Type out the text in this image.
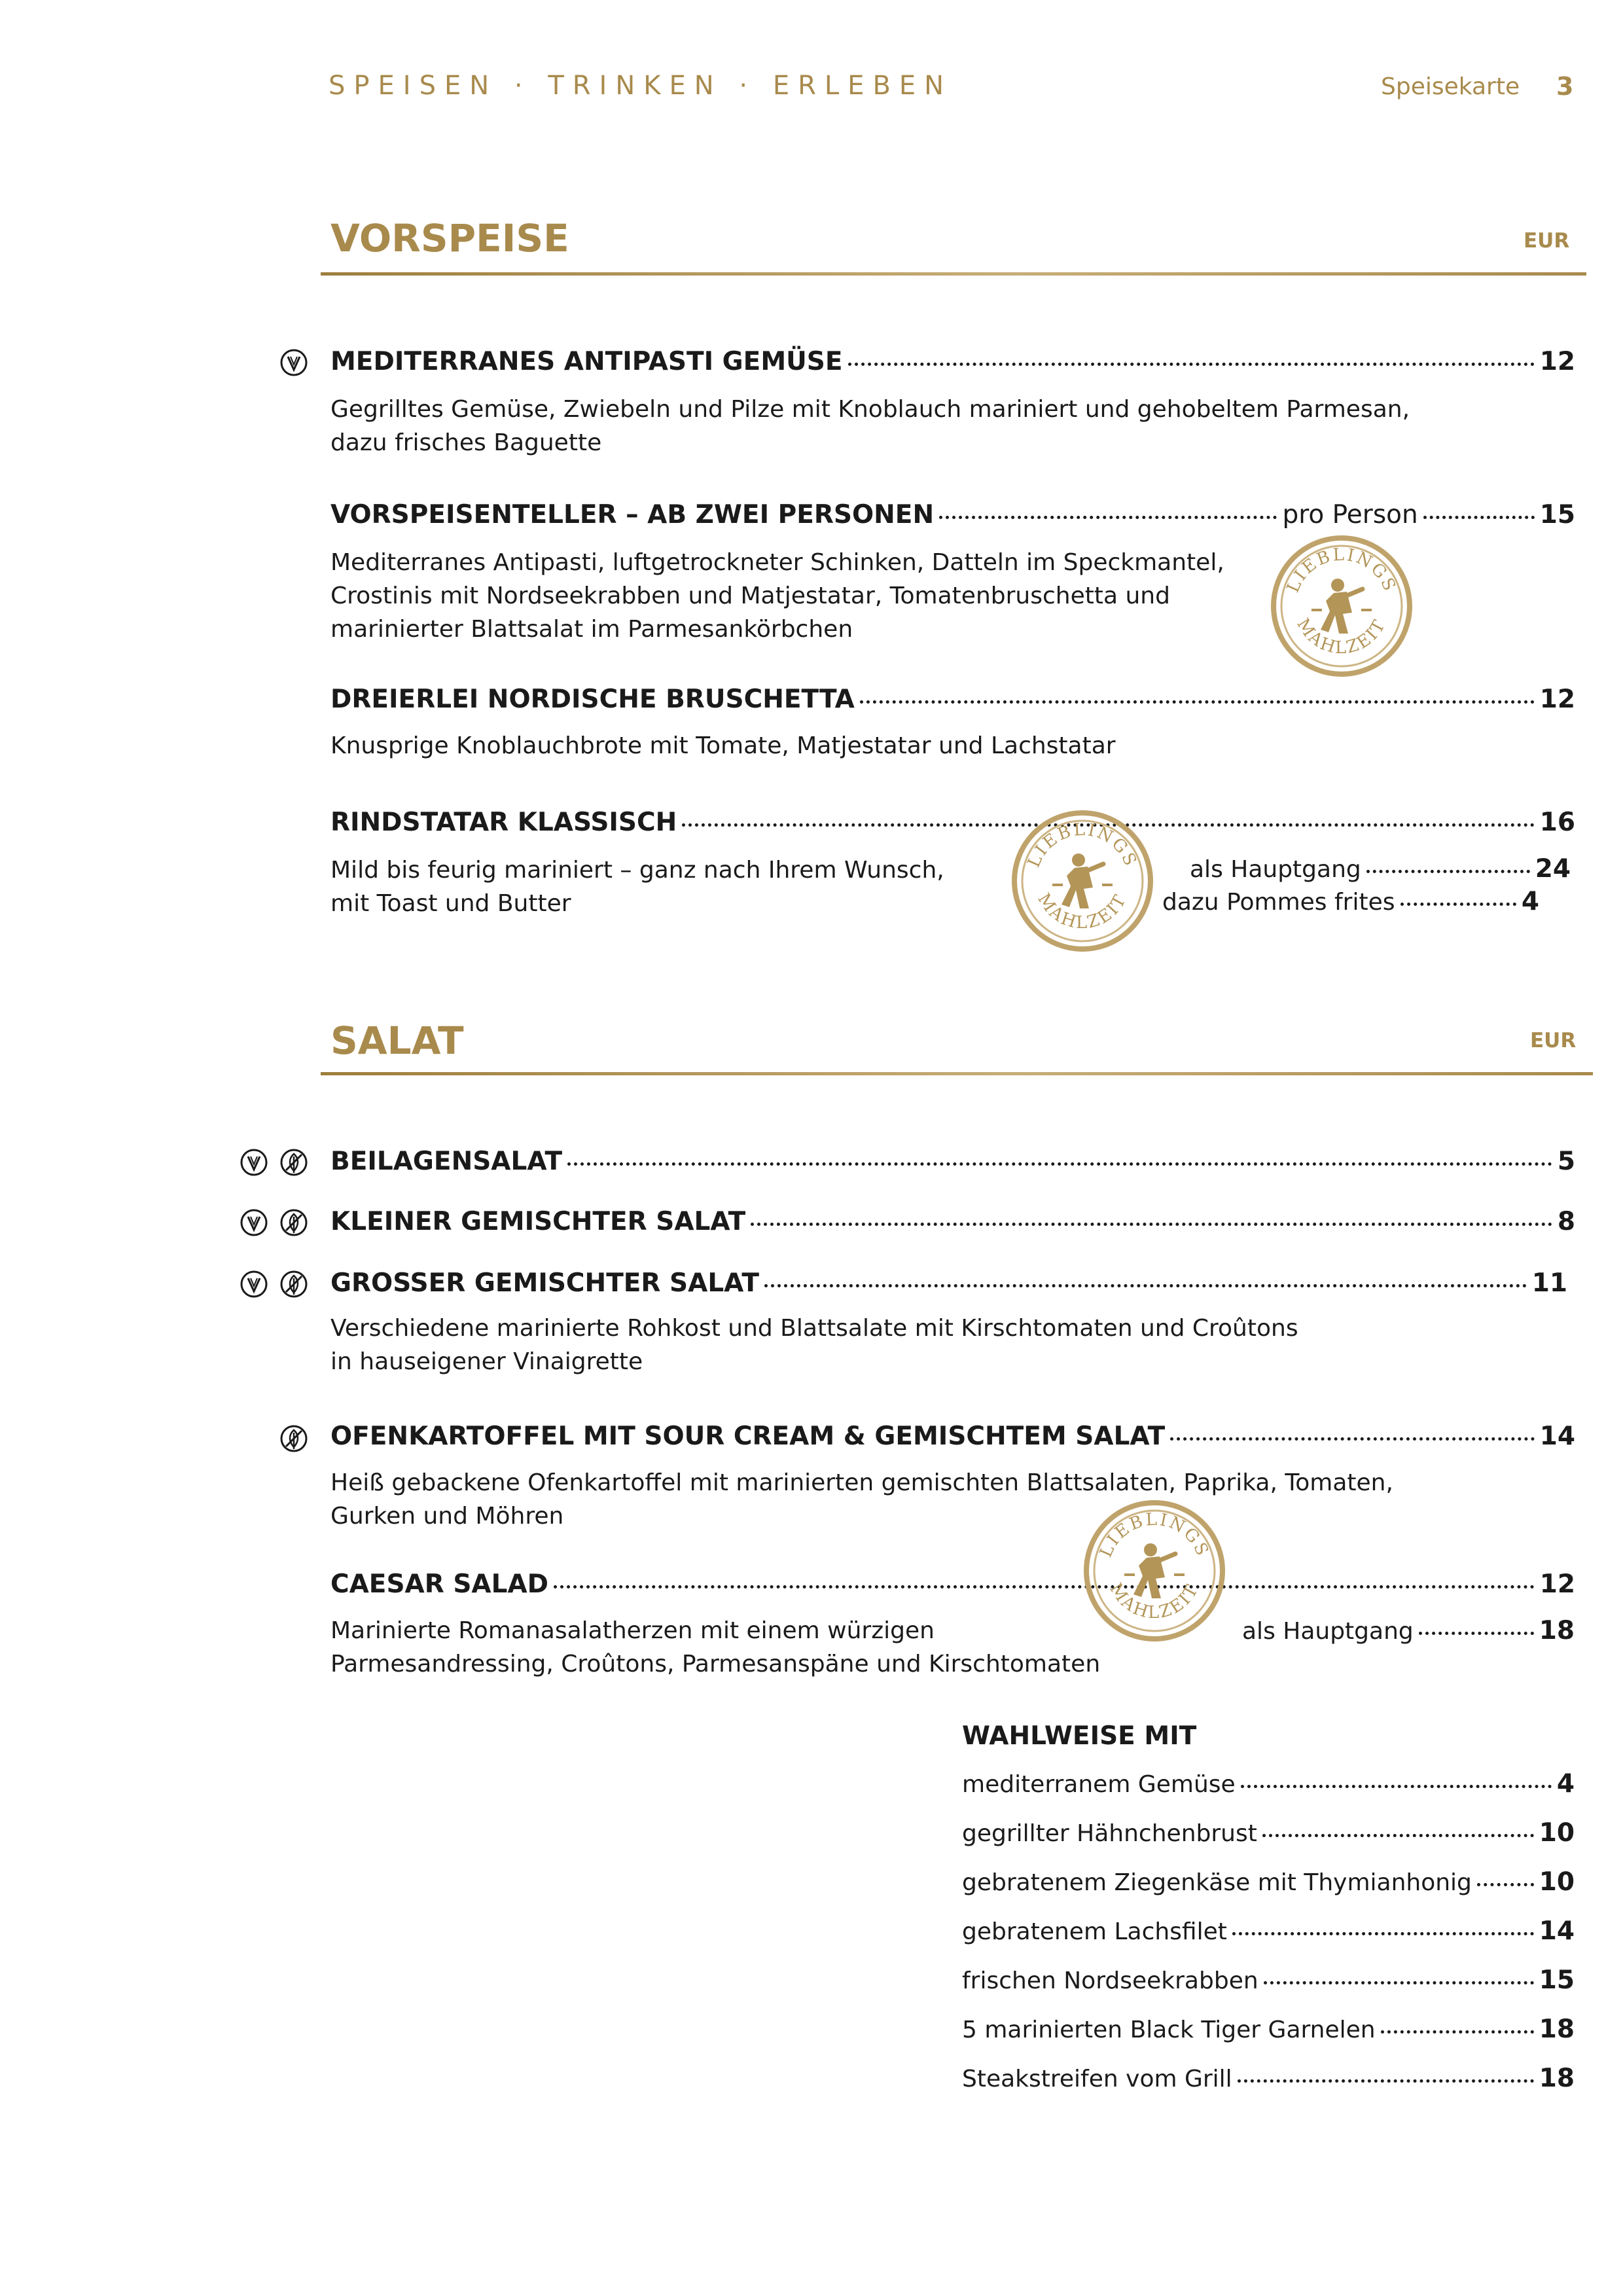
SPEISEN · TRINKEN · ERLEBEN	Speisekarte 3
VORSPEISE	EUR
MEDITERRANES ANTIPASTI GEMÜSE	12
Gegrilltes Gemüse, Zwiebeln und Pilze mit Knoblauch mariniert und gehobeltem Parmesan,
dazu frisches Baguette
VORSPEISENTELLER – AB ZWEI PERSONEN	pro Person	15
Mediterranes Antipasti, luftgetrockneter Schinken, Datteln im Speckmantel,
Crostinis mit Nordseekrabben und Matjestatar, Tomatenbruschetta und
marinierter Blattsalat im Parmesankörbchen
DREIERLEI NORDISCHE BRUSCHETTA	12
Knusprige Knoblauchbrote mit Tomate, Matjestatar und Lachstatar
RINDSTATAR KLASSISCH	16
Mild bis feurig mariniert – ganz nach Ihrem Wunsch,
mit Toast und Butter
als Hauptgang	24
dazu Pommes frites	4
SALAT	EUR
BEILAGENSALAT	5
KLEINER GEMISCHTER SALAT	8
GROSSER GEMISCHTER SALAT	11
Verschiedene marinierte Rohkost und Blattsalate mit Kirschtomaten und Croûtons
in hauseigener Vinaigrette
OFENKARTOFFEL MIT SOUR CREAM & GEMISCHTEM SALAT	14
Heiß gebackene Ofenkartoffel mit marinierten gemischten Blattsalaten, Paprika, Tomaten,
Gurken und Möhren
CAESAR SALAD	12
Marinierte Romanasalatherzen mit einem würzigen
Parmesandressing, Croûtons, Parmesanspäne und Kirschtomaten
als Hauptgang	18
WAHLWEISE MIT
mediterranem Gemüse	4
gegrillter Hähnchenbrust	10
gebratenem Ziegenkäse mit Thymianhonig	10
gebratenem Lachsfilet	14
frischen Nordseekrabben	15
5 marinierten Black Tiger Garnelen	18
Steakstreifen vom Grill	18
